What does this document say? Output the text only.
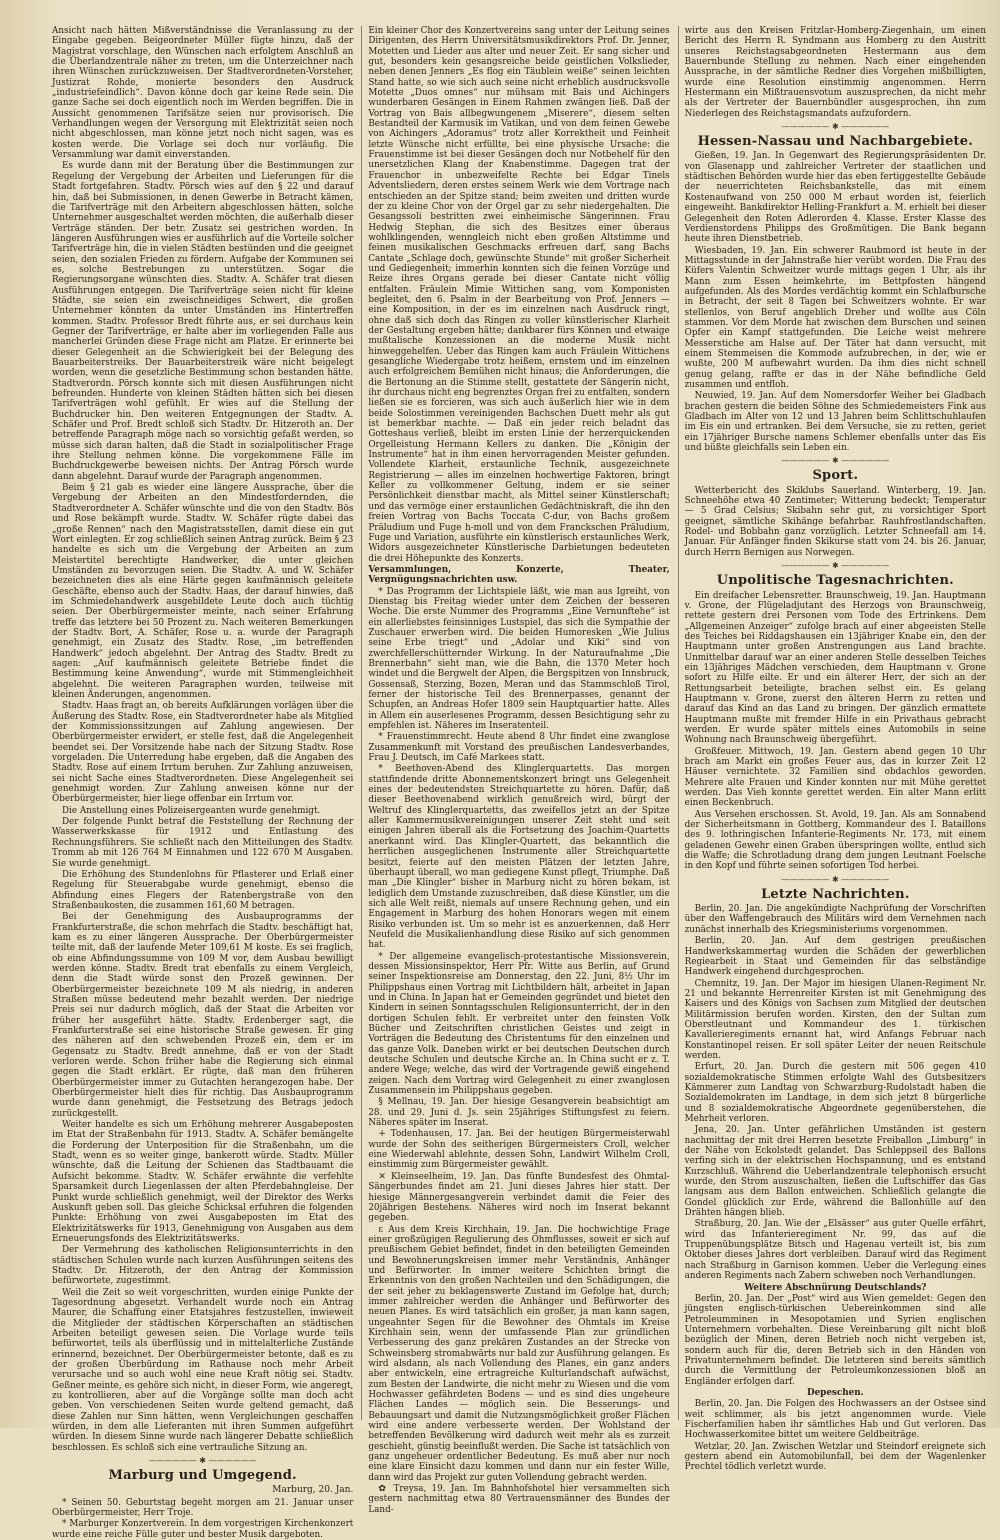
Ansicht nach hätten Mißverständnisse die Veranlassung zu der Eingabe gegeben. Beigeordneter Müller fügte hinzu, daß der Magistrat vorschlage, den Wünschen nach erfolgtem Anschluß an die Überlandzentrale näher zu treten, um die Unterzeichner nach ihren Wünschen zurückzuweisen. Der Stadtverordneten-Vorsteher, Justizrat Rohde, monierte besonders den Ausdruck „industriefeindlich“. Davon könne doch gar keine Rede sein. Die ganze Sache sei doch eigentlich noch im Werden begriffen. Die in Aussicht genommenen Tarifsätze seien nur provisorisch. Die Verhandlungen wegen der Versorgung mit Elektrizität seien noch nicht abgeschlossen, man könne jetzt noch nicht sagen, was es kosten werde. Die Vorlage sei doch nur vorläufig. Die Versammlung war damit einverstanden.

Es wurde dann mit der Beratung über die Bestimmungen zur Regelung der Vergebung der Arbeiten und Lieferungen für die Stadt fortgefahren. Stadtv. Pörsch wies auf den § 22 und darauf hin, daß bei Submissionen, in denen Gewerbe in Betracht kämen, die Tarifverträge mit den Arbeitern abgeschlossen hätten, solche Unternehmer ausgeschaltet werden möchten, die außerhalb dieser Verträge ständen. Der betr. Zusatz sei gestrichen worden. In längeren Ausführungen wies er ausführlich auf die Vorteile solcher Tarifverträge hin, die in vielen Städten bestünden und die geeignet seien, den sozialen Frieden zu fördern. Aufgabe der Kommunen sei es, solche Bestrebungen zu unterstützen. Sogar die Regierungsorgane wünschten dies. Stadtv. A. Schäfer trat diesen Ausführungen entgegen. Die Tarifverträge seien nicht für kleine Städte, sie seien ein zweischneidiges Schwert, die großen Unternehmer könnten da unter Umständen ins Hintertreffen kommen. Stadtv. Professor Bredt führte aus, er sei durchaus kein Gegner der Tarifverträge, er halte aber im vorliegenden Falle aus mancherlei Gründen diese Frage nicht am Platze. Er erinnerte bei dieser Gelegenheit an die Schwierigkeit bei der Belegung des Bauarbeiterstreiks. Der Bauarbeiterstreik wäre nicht beigelegt worden, wenn die gesetzliche Bestimmung schon bestanden hätte. Stadtverordn. Pörsch konnte sich mit diesen Ausführungen nicht befreunden. Hunderte von kleinen Städten hätten sich bei diesen Tarifverträgen wohl gefühlt. Er wies auf die Stellung der Buchdrucker hin. Den weiteren Entgegnungen der Stadtv. A. Schäfer und Prof. Bredt schloß sich Stadtv. Dr. Hitzeroth an. Der betreffende Paragraph möge nach so vorsichtig gefaßt werden, so müsse sich daran halten, daß die Stadt in sozialpolitischer Frage ihre Stellung nehmen könne. Die vorgekommene Fälle im Buchdruckgewerbe beweisen nichts. Der Antrag Pörsch wurde dann abgelehnt. Darauf wurde der Paragraph angenommen.

Beim § 21 gab es wieder eine längere Aussprache, über die Vergebung der Arbeiten an den Mindestfordernden, die Stadtverordneter A. Schäfer wünschte und die von den Stadtv. Bös und Rose bekämpft wurde. Stadtv. W. Schäfer rügte dabei das „große Rennen“ nach den Magistratsstellen, damit diese ein gut Wort einlegten. Er zog schließlich seinen Antrag zurück. Beim § 23 handelte es sich um die Vergebung der Arbeiten an zum Meistertitel berechtigte Handwerker, die unter gleichen Umständen zu bevorzugen seien. Die Stadtv. A. und W. Schäfer bezeichneten dies als eine Härte gegen kaufmännisch geleitete Geschäfte, ebenso auch der Stadtv. Haas, der darauf hinwies, daß im Schmiedehandwerk ausgebildete Leute doch auch tüchtig seien. Der Oberbürgermeister meinte, nach seiner Erfahrung treffe das letztere bei 50 Prozent zu. Nach weiteren Bemerkungen der Stadtv. Bort, A. Schäfer, Rose u. a. wurde der Paragraph genehmigt, ein Zusatz des Stadtv. Rose, „im betreffenden Handwerk“ jedoch abgelehnt. Der Antrag des Stadtv. Bredt zu sagen: „Auf kaufmännisch geleitete Betriebe findet die Bestimmung keine Anwendung“, wurde mit Stimmengleichheit abgelehnt. Die weiteren Paragraphen wurden, teilweise mit kleinen Änderungen, angenommen.

Stadtv. Haas fragt an, ob bereits Aufklärungen vorlägen über die Äußerung des Stadtv. Rose, ein Stadtverordneter habe als Mitglied der Kommissionssitzungen auf Zahlung angewiesen. Der Oberbürgermeister erwidert, er stelle fest, daß die Angelegenheit beendet sei. Der Vorsitzende habe nach der Sitzung Stadtv. Rose vorgeladen. Die Unterredung habe ergeben, daß die Angaben des Stadtv. Rose auf einem Irrtum beruhen. Zur Zahlung anzuweisen, sei nicht Sache eines Stadtverordneten. Diese Angelegenheit sei genehmigt worden. Zur Zahlung anweisen könne nur der Oberbürgermeister, hier liege offenbar ein Irrtum vor.

Die Anstellung eines Polizeisergeanten wurde genehmigt.

Der folgende Punkt betraf die Feststellung der Rechnung der Wasserwerkskasse für 1912 und Entlastung des Rechnungsführers. Sie schließt nach den Mitteilungen des Stadtv. Tromm ab mit 126 764 M Einnahmen und 122 670 M Ausgaben. Sie wurde genehmigt.

Die Erhöhung des Stundenlohns für Pflasterer und Erlaß einer Regelung für Steuerabgabe wurde genehmigt, ebenso die Abfindung eines Flegers der Ratenbergstraße von den Straßenbaukosten, die zusammen 161,60 M betragen.

Bei der Genehmigung des Ausbauprogramms der Frankfurterstraße, die schon mehrfach die Stadtv. beschäftigt hat, kam es zu einer längeren Aussprache. Der Oberbürgermeister teilte mit, daß der laufende Meter 109,61 M koste. Es sei fraglich, ob eine Abfindungssumme von 109 M vor, dem Ausbau bewilligt werden könne. Stadtv. Bredt trat ebenfalls zu einem Vergleich, denn die Stadt würde sonst den Prozeß gewinnen. Der Oberbürgermeister bezeichnete 109 M als niedrig, in anderen Straßen müsse bedeutend mehr bezahlt werden. Der niedrige Preis sei nur dadurch möglich, daß der Staat die Arbeiten vor früher her ausgeführt hätte. Stadtv. Erdenberger sagt, die Frankfurterstraße sei eine historische Straße gewesen. Er ging des näheren auf den schwebenden Prozeß ein, dem er im Gegensatz zu Stadtv. Bredt annehme, daß er von der Stadt verloren werde. Schon früher habe die Regierung sich einmal gegen die Stadt erklärt. Er rügte, daß man den früheren Oberbürgermeister immer zu Gutachten herangezogen habe. Der Oberbürgermeister hielt dies für richtig. Das Ausbauprogramm wurde dann genehmigt, die Festsetzung des Betrags jedoch zurückgestellt.

Weiter handelte es sich um Erhöhung mehrerer Ausgabeposten im Etat der Straßenbahn für 1913. Stadtv. A. Schäfer bemängelte die Forderung der Unterposition für die Straßenbahn, um die Stadt, wenn es so weiter ginge, bankerott würde. Stadtv. Müller wünschte, daß die Leitung der Schienen das Stadtbauamt die Aufsicht bekomme. Stadtv. W. Schäfer erwähnte die verfehlte Sparsamkeit durch Liegenlassen der alten Pferdebahngleise. Der Punkt wurde schließlich genehmigt, weil der Direktor des Werks Auskunft geben soll. Das gleiche Schicksal erfuhren die folgenden Punkte: Erhöhung von zwei Ausgabeposten im Etat des Elektrizitätswerks für 1913, Genehmigung von Ausgaben aus dem Erneuerungsfonds des Elektrizitätswerks.

Der Vermehrung des katholischen Religionsunterrichts in den städtischen Schulen wurde nach kurzen Ausführungen seitens des Stadtv. Dr. Hitzeroth, der den Antrag der Kommission befürwortete, zugestimmt.

Weil die Zeit so weit vorgeschritten, wurden einige Punkte der Tagesordnung abgesetzt. Verhandelt wurde noch ein Antrag Maurer, die Schaffung einer Etatsjahres festzustellen, inwieweit die Mitglieder der städtischen Körperschaften an städtischen Arbeiten beteiligt gewesen seien. Die Vorlage wurde teils befürwortet, teils als überflüssig und in mittelalterliche Zustände erinnernd, bezeichnet. Der Oberbürgermeister betonte, daß es zu der großen Überbürdung im Rathause noch mehr Arbeit verursache und so auch wohl eine neue Kraft nötig sei. Stadtv. Geßner meinte, es gehöre sich nicht, in dieser Form, wie angeregt, zu kontrollieren, aber auf die Vorgänge sollte man doch acht geben. Von verschiedenen Seiten wurde geltend gemacht, daß diese Zahlen nur Sinn hätten, wenn Vergleichungen geschaffen würden, in dem alle Lieferanten mit ihren Summen aufgeführt würden. In diesem Sinne wurde nach längerer Debatte schließlich beschlossen. Es schloß sich eine vertrauliche Sitzung an.

—————— ✱ ——————
Marburg und Umgegend.
Marburg, 20. Jan.

* Seinen 50. Geburtstag begeht morgen am 21. Januar unser Oberbürgermeister, Herr Troje.

* Marburger Konzertverein. In dem vorgestrigen Kirchenkonzert wurde eine reiche Fülle guter und bester Musik dargeboten.

Ein kleiner Chor des Konzertvereins sang unter der Leitung seines Dirigenten, des Herrn Universitätsmusikdirektors Prof. Dr. Jenner, Motetten und Lieder aus alter und neuer Zeit. Er sang sicher und gut, besonders kein gesangsreiche beide geistlichen Volkslieder, neben denen Jenners „Es flog ein Täublein weiße“ seinen leichten Stand hatte, so wie sich auch seine nicht erheblich ausdrucksvolle Motette „Duos omnes“ nur mühsam mit Bais und Aichingers wunderbaren Gesängen in Einem Rahmen zwängen ließ. Daß der Vortrag von Bais allbegwungenem „Miserere“, diesem selten Bestandteil der Karmusik im Vatikan, und von dem feinen Gewebe von Aichingers „Adoramus“ trotz aller Korrektheit und Feinheit letzte Wünsche nicht erfüllte, bei eine physische Ursache: die Frauenstimme ist bei dieser Gesängen doch nur Notbehelf für den unersetzlichen Klang der Knabenstimme. Dagegen trat der Frauenchor in unbezweifelte Rechte bei Edgar Tinels Adventsliedern, deren erstes seinem Werk wie dem Vortrage nach entschieden an der Spitze stand; beim zweiten und dritten wurde der zu kleine Chor von der Orgel gar zu sehr niedergehalten. Die Gesangssoli bestritten zwei einheimische Sängerinnen. Frau Hedwig Stephan, die sich des Besitzes einer überaus wohlklingenden, wenngleich nicht eben großen Altstimme und feinen musikalischen Geschmacks erfreuen darf, sang Bachs Cantate „Schlage doch, gewünschte Stunde“ mit großer Sicherheit und Gediegenheit; immerhin konnten sich die feinen Vorzüge und Reize ihres Organs gerade bei dieser Cantate nicht völlig entfalten. Fräulein Mimie Wittichen sang, vom Komponisten begleitet, den 6. Psalm in der Bearbeitung von Prof. Jenners — eine Komposition, in der es im einzelnen nach Ausdruck ringt, ohne daß sich doch das Ringen zu voller künstlerischer Klarheit der Gestaltung ergeben hätte; dankbarer fürs Können und etwaige mußtalische Konzessionen an die moderne Musik nicht hinweggehelfen. Ueber das Ringen kam auch Fräulein Wittichens gesangliche Wiedergabe trotz heißem, ernstem und im einzelnen auch erfolgreichem Bemühen nicht hinaus; die Anforderungen, die die Bertonung an die Stimme stellt, gestattete der Sängerin nicht, ihr durchaus nicht eng begrenztes Organ frei zu entfalten, sondern ließen sie es forcieren, was sich auch äußerlich hier wie in dem beide Solostimmen vereinigenden Bachschen Duett mehr als gut ist bemerkbar machte. — Daß ein jeder reich beladnt das Gotteshaus verließ, bleibt im ersten Linie der herzerquickenden Orgelleistung Hermann Kellers zu danken. Die „Königin der Instrumente“ hat in ihm einen hervorragenden Meister gefunden. Vollendete Klarheit, erstaunliche Technik, ausgezeichnete Registrierung — alles im einzelnen hochwertige Faktoren, bringt Keller zu vollkommener Geltung, indem er sie seiner Persönlichkeit dienstbar macht, als Mittel seiner Künstlerschaft; und das vermöge einer erstaunlichen Gedächtniskraft, die ihn den freien Vortrag von Bachs Toccata C-dur, von Bachs großem Präludium und Fuge h-moll und von dem Franckschen Präludium, Fuge und Variation, ausführte ein künstlerisch erstaunliches Werk, Widors ausgezeichneter Künstlerische Darbietungen bedeuteten die drei Höhepunkte des Konzerts.

Versammlungen, Konzerte, Theater, Vergnügungsnachrichten usw.

* Das Programm der Lichtspiele läßt, wie man aus Igreiht, von Dienstag bis Freitag wieder unter dem Zeichen der besseren Woche. Die erste Nummer des Programms „Eine Vernunftehe“ ist ein allerliebstes feinsinniges Lustspiel, das sich die Sympathie der Zuschauer erwerben wird. Die beiden Humoresken „Wie Julius seine Erbe triegt“ und „Adolar und Kiki“ sind von zwerchfellerschütternder Wirkung. In der Naturaufnahme „Die Brennerbahn“ sieht man, wie die Bahn, die 1370 Meter hoch windet und die Bergwelt der Alpen, die Bergspitzen von Innsbruck, Gossensaß, Sterzing, Bozen, Meran und das Stammschloß Tirol, ferner der historische Teil des Brennerpasses, genannt der Schupfen, an Andreas Hofer 1809 sein Hauptquartier hatte. Alles in Allem ein auserlesenes Programm, dessen Besichtigung sehr zu empfehlen ist. Näheres im Inseratenteil.

* Frauenstimmrecht. Heute abend 8 Uhr findet eine zwanglose Zusammenkunft mit Vorstand des preußischen Landesverbandes, Frau J. Deutsch, im Café Markees statt.

* Beethoven-Abend des Klinglerquartetts. Das morgen stattfindende dritte Abonnementskonzert bringt uns Gelegenheit eines der bedeutendsten Streichquartette zu hören. Dafür, daß dieser Beethovenabend wirklich genußreich wird, bürgt der Weltruf des Klinglerquartetts, das zweifellos jetzt an der Spitze aller Kammermusikvereinigungen unserer Zeit steht und seit einigen Jahren überall als die Fortsetzung des Joachim-Quartetts anerkannt wird. Das Klingler-Quartett, das bekanntlich die herrlichen ausgeglichenen Instrumente aller Streichquartette besitzt, feierte auf den meisten Plätzen der letzten Jahre, überhaupt überall, wo man gediegene Kunst pflegt, Triumphe. Daß man „Die Klingler“ bisher in Marburg nicht zu hören bekam, ist lediglich dem Umstande zuzuschreiben, daß diese Künstler, um die sich alle Welt reißt, niemals auf unsere Rechnung gehen, und ein Engagement in Marburg des hohen Honorars wegen mit einem Risiko verbunden ist. Um so mehr ist es anzuerkennen, daß Herr Neufeld die Musikalienhandlung diese Risiko auf sich genommen hat.

* Der allgemeine evangelisch-protestantische Missionsverein, dessen Missionsinspektor, Herr Pfr. Witte aus Berlin, auf Grund seiner Inspektionsreise am Donnerstag, den 22. Juni, 8½ Uhr im Philippshaus einen Vortrag mit Lichtbildern hält, arbeitet in Japan und in China. In Japan hat er Gemeinden gegründet und bietet den Kindern in seinen Sonntagsschulen Religionsunterricht, der in den dortigen Schulen fehlt. Er verbreitet unter den feinsten Volk Bücher und Zeitschriften christlichen Geistes und zeigt in Vorträgen die Bedeutung des Christentums für den einzelnen und das ganze Volk. Daneben wirkt er bei deutschen Deutschen durch deutsche Schulen und deutsche Kirche an. In China sucht er z. T. andere Wege; welche, das wird der Vortragende gewiß eingehend zeigen. Nach dem Vortrag wird Gelegenheit zu einer zwanglosen Zusammensein im Philippshaus gegeben.

§ Mellnau, 19. Jan. Der hiesige Gesangverein beabsichtigt am 28. und 29. Juni d. Js. sein 25jähriges Stiftungsfest zu feiern. Näheres später im Inserat.

+ Todenhausen, 17. Jan. Bei der heutigen Bürgermeisterwahl wurde der Sohn des seitherigen Bürgermeisters Croll, welcher eine Wiederwahl ablehnte, dessen Sohn, Landwirt Wilhelm Croll, einstimmig zum Bürgermeister gewählt.

✕ Kleinseelheim, 19. Jan. Das fünfte Bundesfest des Ohmtal-Sängerbundes findet am 21. Juni dieses Jahres hier statt. Der hiesige Männergesangverein verbindet damit die Feier des 20jährigen Bestehens. Näheres wird noch im Inserat bekannt gegeben.

ε Aus dem Kreis Kirchhain, 19. Jan. Die hochwichtige Frage einer großzügigen Regulierung des Ohmflusses, soweit er sich auf preußischem Gebiet befindet, findet in den beteiligten Gemeinden und Bewohnerungskreisen immer mehr Verständnis, Anhänger und Befürworter. In immer weitere Schichten bringt die Erkenntnis von den großen Nachteilen und den Schädigungen, die der seit jeher zu beklagenswerte Zustand im Gefolge hat, durch; immer zahlreicher werden die Anhänger und Befürworter des neuen Planes. Es wird tatsächlich ein großer, ja man kann sagen, ungeahnter Segen für die Bewohner des Ohmtals im Kreise Kirchhain sein, wenn der umfassende Plan zur gründlichen Verbesserung des ganz prekären Zustandes an der Strecke von Schweinsberg stromabwärts nur bald zur Ausführung gelangen. Es wird alsdann, als nach Vollendung des Planes, ein ganz anders aber entwickeln, eine ertragreiche Kulturlandschaft aufwächst, zum Besten der Landwirte, die nicht mehr zu Wiesen und die vom Hochwasser gefährdeten Bodens — und es sind dies ungeheure Flächen Landes — möglich sein. Die Besserungs- und Bebauungsart und damit die Nutzungsmöglichkeit großer Flächen wird eine andere verbesserte werden. Der Wohlstand der betreffenden Bevölkerung wird dadurch weit mehr als es zurzeit geschieht, günstig beeinflußt werden. Die Sache ist tatsächlich von ganz ungeheuer ordentlicher Bedeutung. Es muß aber nur noch eine klare Einsicht dazu kommen und dann nur ein fester Wille, dann wird das Projekt zur guten Vollendung gebracht werden.

✿ Treysa, 19. Jan. Im Bahnhofshotel hier versammelten sich gestern nachmittag etwa 80 Vertrauensmänner des Bundes der Land-

wirte aus den Kreisen Fritzlar-Homberg-Ziegenhain, um einen Bericht des Herrn R. Syndmann aus Homberg zu den Austritt unseres Reichstagsabgeordneten Hestermann aus dem Bauernbunde Stellung zu nehmen. Nach einer eingehenden Aussprache, in der sämtliche Redner dies Vorgehen mißbilligten, wurde eine Resolution einstimmig angenommen. Herrn Hestermann ein Mißtrauensvotum auszusprechen, da nicht mehr als der Vertreter der Bauernbündler ausgesprochen, ihn zum Niederlegen des Reichstagsmandats aufzufordern.

—————— ✱ ——————
Hessen-Nassau und Nachbargebiete.

Gießen, 19. Jan. In Gegenwart des Regierungspräsidenten Dr. von Glasenapp und zahlreicher Vertreter der staatlichen und städtischen Behörden wurde hier das eben fertiggestellte Gebäude der neuerrichteten Reichsbankstelle, das mit einem Kostenaufwand von 250 000 M erbaut worden ist, feierlich eingeweiht. Bankdirektor Helling-Frankfurt a. M. erhielt bei dieser Gelegenheit den Roten Adlerorden 4. Klasse. Erster Klasse des Verdienstordens Philipps des Großmütigen. Die Bank begann heute ihren Dienstbetrieb.

Wiesbaden, 19. Jan. Ein schwerer Raubmord ist heute in der Mittagsstunde in der Jahnstraße hier verübt worden. Die Frau des Küfers Valentin Schweitzer wurde mittags gegen 1 Uhr, als ihr Mann zum Essen heimkehrte, im Bettpfosten hängend aufgefunden. Als des Mordes verdächtig kommt ein Schlafbursche in Betracht, der seit 8 Tagen bei Schweitzers wohnte. Er war stellenlos, von Beruf angeblich Dreher und wollte aus Cöln stammen. Vor dem Morde hat zwischen dem Burschen und seinen Opfer ein Kampf stattgefunden. Die Leiche weist mehrere Messerstiche am Halse auf. Der Täter hat dann versucht, mit einem Stemmeisen die Kommode aufzubrechen, in der, wie er wußte, 200 M aufbewahrt wurden. Da ihm dies nicht schnell genug gelang, raffte er das in der Nähe befindliche Geld zusammen und entfloh.

Neuwied, 19. Jan. Auf dem Nomersdorfer Weiher bei Gladbach brachen gestern die beiden Söhne des Schmiedemeisters Fink aus Gladbach im Alter von 12 und 13 Jahren beim Schlittschuhlaufen im Eis ein und ertranken. Bei dem Versuche, sie zu retten, geriet ein 17jähriger Bursche namens Schlemer ebenfalls unter das Eis und büßte gleichfalls sein Leben ein.

—————— ✱ ——————
Sport.

Wetterbericht des Skiklubs Sauerland. Winterberg, 19. Jan. Schneehöhe etwa 40 Zentimeter; Witterung bedeckt; Temperatur — 5 Grad Celsius; Skibahn sehr gut, zu vorsichtiger Sport geeignet, sämtliche Skihänge befahrbar. Rauhfrostlandschaften. Rodel- und Bobbahn ganz vorzüglich. Letzter Schneefall am 14. Januar. Für Anfänger finden Skikurse statt vom 24. bis 26. Januar, durch Herrn Bernigen aus Norwegen.

—————— ✱ ——————
Unpolitische Tagesnachrichten.

Ein dreifacher Lebensretter. Braunschweig, 19. Jan. Hauptmann v. Grone, der Flügeladjutant des Herzogs von Braunschweig, rettete gestern drei Personen vom Tode des Ertrinkens. Dem „Allgemeinen Anzeiger“ zufolge brach auf einer abgeeisten Stelle des Teiches bei Riddagshausen ein 13jähriger Knabe ein, den der Hauptmann unter großen Anstrengungen aus Land brachte. Unmittelbar darauf war an einer anderen Stelle desselben Teiches ein 13jähriges Mädchen verschieden, dem Hauptmann v. Grone sofort zu Hilfe eilte. Er und ein älterer Herr, der sich an der Rettungsarbeit beteiligte, brachen selbst ein. Es gelang Hauptmann v. Grone, zuerst den älteren Herrn zu retten und darauf das Kind an das Land zu bringen. Der gänzlich ermattete Hauptmann mußte mit fremder Hilfe in ein Privathaus gebracht werden. Er wurde später mittels eines Automobils in seine Wohnung nach Braunschweig übergeführt.

Großfeuer. Mittwoch, 19. Jan. Gestern abend gegen 10 Uhr brach am Markt ein großes Feuer aus, das in kurzer Zeit 12 Häuser vernichtete. 32 Familien sind obdachlos geworden. Mehrere alte Frauen und Kinder konnten nur mit Mühe gerettet werden. Das Vieh konnte gerettet werden. Ein alter Mann erlitt einen Beckenbruch.

Aus Versehen erschossen. St. Avold, 19. Jan. Als am Sonnabend der Sicherheitsmann in Gottberg, Kommandeur des I. Bataillons des 9. lothringischen Infanterie-Regiments Nr. 173, mit einem geladenen Gewehr einen Graben überspringen wollte, entlud sich die Waffe; die Schrotladung drang dem jungen Leutnant Foelsche in den Kopf und führte seinen sofortigen Tod herbei.

—————— ✱ ——————
Letzte Nachrichten.

Berlin, 20. Jan. Die angekündigte Nachprüfung der Vorschriften über den Waffengebrauch des Militärs wird dem Vernehmen nach zunächst innerhalb des Kriegsministeriums vorgenommen.

Berlin, 20. Jan. Auf dem gestrigen preußischen Handwerkskammertag wurden die Schäden der gewerblichen Regiearbeit in Staat und Gemeinden für das selbständige Handwerk eingehend durchgesprochen.

Chemnitz, 19. Jan. Der Major im hiesigen Ulanen-Regiment Nr. 21 und bekannte Herrenreiter Kirsten ist mit Genehmigung des Kaisers und des Königs von Sachsen zum Mitglied der deutschen Militärmission berufen worden. Kirsten, den der Sultan zum Oberstleutnant und Kommandeur des 1. türkischen Kavallerieregiments ernannt hat, wird Anfangs Februar nach Konstantinopel reisen. Er soll später Leiter der neuen Reitschule werden.

Erfurt, 20. Jan. Durch die gestern mit 506 gegen 410 sozialdemokratische Stimmen erfolgte Wahl des Gutsbesitzers Kämmerer zum Landtag von Schwarzburg-Rudolstadt haben die Sozialdemokraten im Landtage, in dem sich jetzt 8 bürgerliche und 8 sozialdemokratische Abgeordnete gegenüberstehen, die Mehrheit verloren.

Jena, 20. Jan. Unter gefährlichen Umständen ist gestern nachmittag der mit drei Herren besetzte Freiballon „Limburg“ in der Nähe von Eckolstedt gelandet. Das Schleppseil des Ballons verfing sich in der elektrischen Hochspannung, und es entstand Kurzschluß. Während die Ueberlandzentrale telephonisch ersucht wurde, den Strom auszuschalten, ließen die Luftschiffer das Gas langsam aus dem Ballon entweichen. Schließlich gelangte die Gondel glücklich zur Erde, während die Ballonhülle auf den Drähten hängen blieb.

Straßburg, 20. Jan. Wie der „Elsässer“ aus guter Quelle erfährt, wird das Infanterieregiment Nr. 99, das auf die Truppenübungsplätze Bitsch und Hagenau verteilt ist, bis zum Oktober dieses Jahres dort verbleiben. Darauf wird das Regiment nach Straßburg in Garnison kommen. Ueber die Verlegung eines anderen Regiments nach Zabern schweben noch Verhandlungen.

Weitere Abschnürung Deutschlands?

Berlin, 20. Jan. Der „Post“ wird aus Wien gemeldet: Gegen den jüngsten englisch-türkischen Uebereinkommen sind alle Petroleumminen in Mesopotamien und Syrien englischen Unternehmern vorbehalten. Diese Vereinbarung gilt nicht bloß bezüglich der Minen, deren Betrieb noch nicht vergeben ist, sondern auch für die, deren Betrieb sich in den Händen von Privatunternehmern befindet. Die letzteren sind bereits sämtlich durch die Vermittlung der Petroleumkonzessionen bloß an Engländer erfolgen darf.

Depeschen.

Berlin, 20. Jan. Die Folgen des Hochwassers an der Ostsee sind weit schlimmer, als bis jetzt angenommen wurde. Viele Fischerfamilien haben ihr sämtliches Hab und Gut verloren. Das Hochwasserkomitee bittet um weitere Geldbeiträge.

Wetzlar, 20. Jan. Zwischen Wetzlar und Steindorf ereignete sich gestern abend ein Automobilunfall, bei dem der Wagenlenker Prechtel tödlich verletzt wurde.
